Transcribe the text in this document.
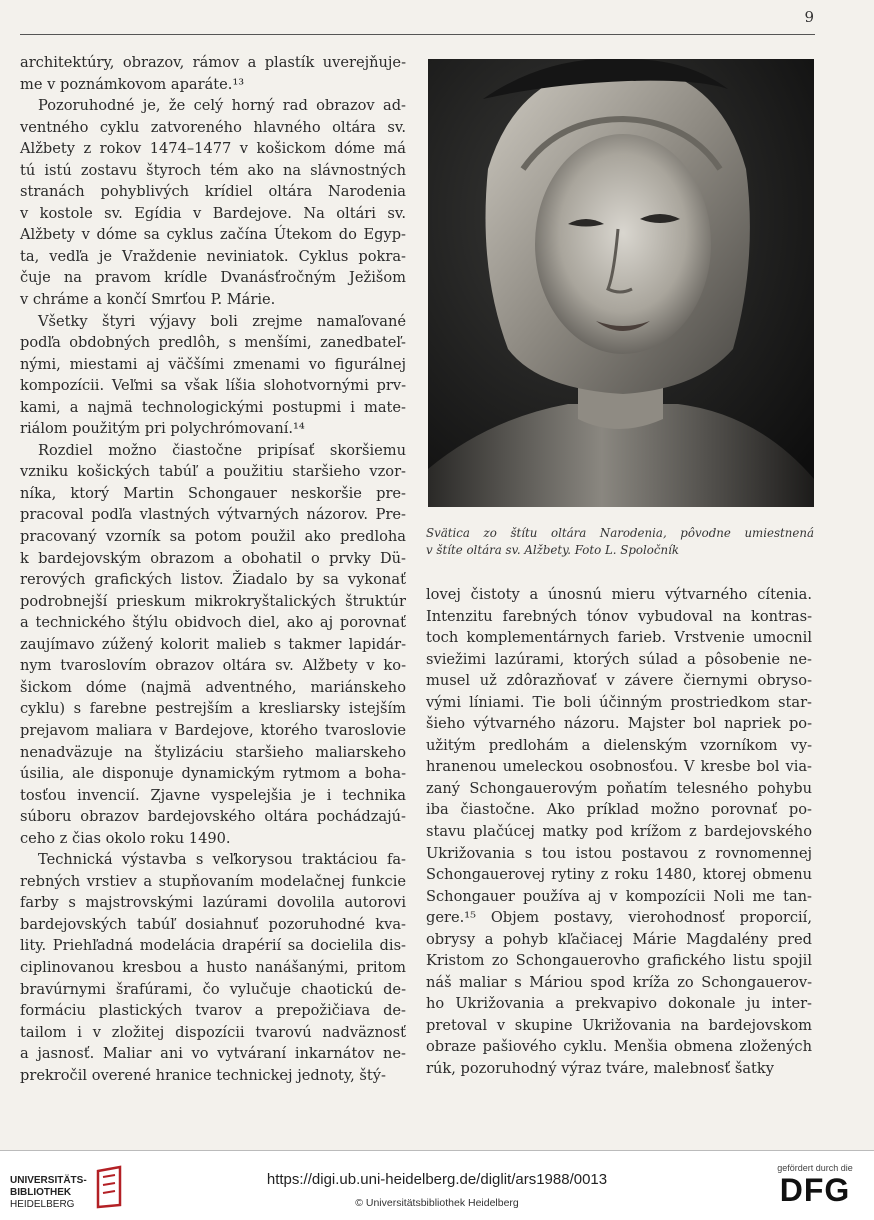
9

architektúry, obrazov, rámov a plastík uverejňuje-

me v poznámkovom aparáte.¹³

Pozoruhodné je, že celý horný rad obrazov ad-

ventného cyklu zatvoreného hlavného oltára sv.

Alžbety z rokov 1474–1477 v košickom dóme má

tú istú zostavu štyroch tém ako na slávnostných

stranách pohyblivých krídiel oltára Narodenia

v kostole sv. Egídia v Bardejove. Na oltári sv.

Alžbety v dóme sa cyklus začína Útekom do Egyp-

ta, vedľa je Vraždenie neviniatok. Cyklus pokra-

čuje na pravom krídle Dvanásťročným Ježišom

v chráme a končí Smrťou P. Márie.

Všetky štyri výjavy boli zrejme namaľované

podľa obdobných predlôh, s menšími, zanedbateľ-

nými, miestami aj väčšími zmenami vo figurálnej

kompozícii. Veľmi sa však líšia slohotvornými prv-

kami, a najmä technologickými postupmi i mate-

riálom použitým pri polychrómovaní.¹⁴

Rozdiel možno čiastočne pripísať skoršiemu

vzniku košických tabúľ a použitiu staršieho vzor-

níka, ktorý Martin Schongauer neskoršie pre-

pracoval podľa vlastných výtvarných názorov. Pre-

pracovaný vzorník sa potom použil ako predloha

k bardejovským obrazom a obohatil o prvky Dü-

rerových grafických listov. Žiadalo by sa vykonať

podrobnejší prieskum mikrokryštalických štruktúr

a technického štýlu obidvoch diel, ako aj porovnať

zaujímavo zúžený kolorit malieb s takmer lapidár-

nym tvaroslovím obrazov oltára sv. Alžbety v ko-

šickom dóme (najmä adventného, mariánskeho

cyklu) s farebne pestrejším a kresliarsky istejším

prejavom maliara v Bardejove, ktorého tvaroslovie

nenadväzuje na štylizáciu staršieho maliarskeho

úsilia, ale disponuje dynamickým rytmom a boha-

tosťou invencií. Zjavne vyspelejšia je i technika

súboru obrazov bardejovského oltára pochádzajú-

ceho z čias okolo roku 1490.

Technická výstavba s veľkorysou traktáciou fa-

rebných vrstiev a stupňovaním modelačnej funkcie

farby s majstrovskými lazúrami dovolila autorovi

bardejovských tabúľ dosiahnuť pozoruhodné kva-

lity. Priehľadná modelácia drapérií sa docielila dis-

ciplinovanou kresbou a husto nanášanými, pritom

bravúrnymi šrafúrami, čo vylučuje chaotickú de-

formáciu plastických tvarov a prepožičiava de-

tailom i v zložitej dispozícii tvarovú nadväznosť

a jasnosť. Maliar ani vo vytváraní inkarnátov ne-

prekročil overené hranice technickej jednoty, štý-

Svätica zo štítu oltára Narodenia, pôvodne umiestnená

v štíte oltára sv. Alžbety. Foto L. Spoločník

lovej čistoty a únosnú mieru výtvarného cítenia.

Intenzitu farebných tónov vybudoval na kontras-

toch komplementárnych farieb. Vrstvenie umocnil

sviežimi lazúrami, ktorých súlad a pôsobenie ne-

musel už zdôrazňovať v závere čiernymi obryso-

vými líniami. Tie boli účinným prostriedkom star-

šieho výtvarného názoru. Majster bol napriek po-

užitým predlohám a dielenským vzorníkom vy-

hranenou umeleckou osobnosťou. V kresbe bol via-

zaný Schongauerovým poňatím telesného pohybu

iba čiastočne. Ako príklad možno porovnať po-

stavu plačúcej matky pod krížom z bardejovského

Ukrižovania s tou istou postavou z rovnomennej

Schongauerovej rytiny z roku 1480, ktorej obmenu

Schongauer používa aj v kompozícii Noli me tan-

gere.¹⁵ Objem postavy, vierohodnosť proporcií,

obrysy a pohyb kľačiacej Márie Magdalény pred

Kristom zo Schongauerovho grafického listu spojil

náš maliar s Máriou spod kríža zo Schongauerov-

ho Ukrižovania a prekvapivo dokonale ju inter-

pretoval v skupine Ukrižovania na bardejovskom

obraze pašiového cyklu. Menšia obmena zložených

rúk, pozoruhodný výraz tváre, malebnosť šatky

UNIVERSITÄTS-
BIBLIOTHEK
HEIDELBERG
https://digi.ub.uni-heidelberg.de/diglit/ars1988/0013
© Universitätsbibliothek Heidelberg
gefördert durch die
DFG
